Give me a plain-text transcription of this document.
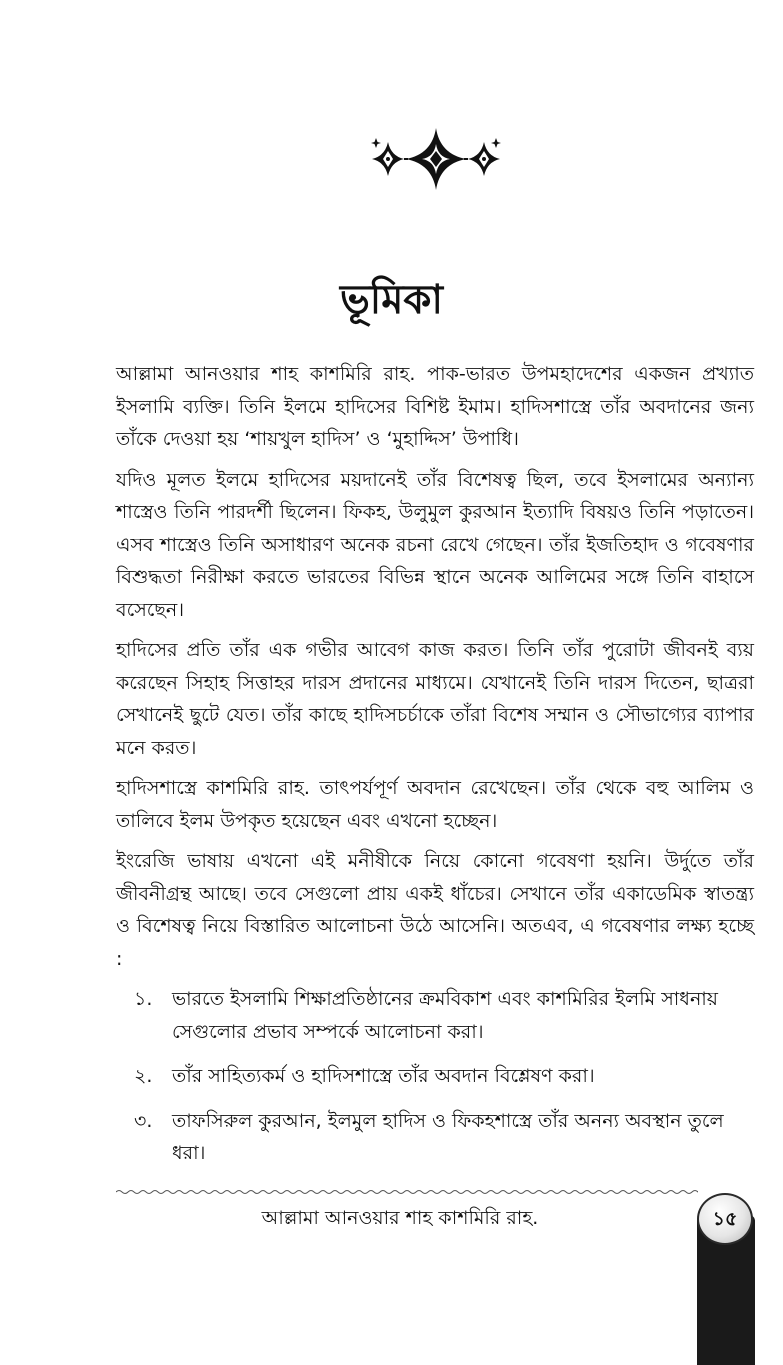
ভূমিকা

আল্লামা আনওয়ার শাহ কাশমিরি রাহ. পাক-ভারত উপমহাদেশের একজন প্রখ্যাত ইসলামি ব্যক্তি। তিনি ইলমে হাদিসের বিশিষ্ট ইমাম। হাদিসশাস্ত্রে তাঁর অবদানের জন্য তাঁকে দেওয়া হয় ‘শায়খুল হাদিস’ ও ‘মুহাদ্দিস’ উপাধি।

যদিও মূলত ইলমে হাদিসের ময়দানেই তাঁর বিশেষত্ব ছিল, তবে ইসলামের অন্যান্য শাস্ত্রেও তিনি পারদর্শী ছিলেন। ফিকহ, উলুমুল কুরআন ইত্যাদি বিষয়ও তিনি পড়াতেন। এসব শাস্ত্রেও তিনি অসাধারণ অনেক রচনা রেখে গেছেন। তাঁর ইজতিহাদ ও গবেষণার বিশুদ্ধতা নিরীক্ষা করতে ভারতের বিভিন্ন স্থানে অনেক আলিমের সঙ্গে তিনি বাহাসে বসেছেন।

হাদিসের প্রতি তাঁর এক গভীর আবেগ কাজ করত। তিনি তাঁর পুরোটা জীবনই ব্যয় করেছেন সিহাহ সিত্তাহর দারস প্রদানের মাধ্যমে। যেখানেই তিনি দারস দিতেন, ছাত্ররা সেখানেই ছুটে যেত। তাঁর কাছে হাদিসচর্চাকে তাঁরা বিশেষ সম্মান ও সৌভাগ্যের ব্যাপার মনে করত।

হাদিসশাস্ত্রে কাশমিরি রাহ. তাৎপর্যপূর্ণ অবদান রেখেছেন। তাঁর থেকে বহু আলিম ও তালিবে ইলম উপকৃত হয়েছেন এবং এখনো হচ্ছেন।

ইংরেজি ভাষায় এখনো এই মনীষীকে নিয়ে কোনো গবেষণা হয়নি। উর্দুতে তাঁর জীবনীগ্রন্থ আছে। তবে সেগুলো প্রায় একই ধাঁচের। সেখানে তাঁর একাডেমিক স্বাতন্ত্র্য ও বিশেষত্ব নিয়ে বিস্তারিত আলোচনা উঠে আসেনি। অতএব, এ গবেষণার লক্ষ্য হচ্ছে :

১.	ভারতে ইসলামি শিক্ষাপ্রতিষ্ঠানের ক্রমবিকাশ এবং কাশমিরির ইলমি সাধনায় সেগুলোর প্রভাব সম্পর্কে আলোচনা করা।
২.	তাঁর সাহিত্যকর্ম ও হাদিসশাস্ত্রে তাঁর অবদান বিশ্লেষণ করা।
৩.	তাফসিরুল কুরআন, ইলমুল হাদিস ও ফিকহশাস্ত্রে তাঁর অনন্য অবস্থান তুলে ধরা।
আল্লামা আনওয়ার শাহ কাশমিরি রাহ.	১৫
